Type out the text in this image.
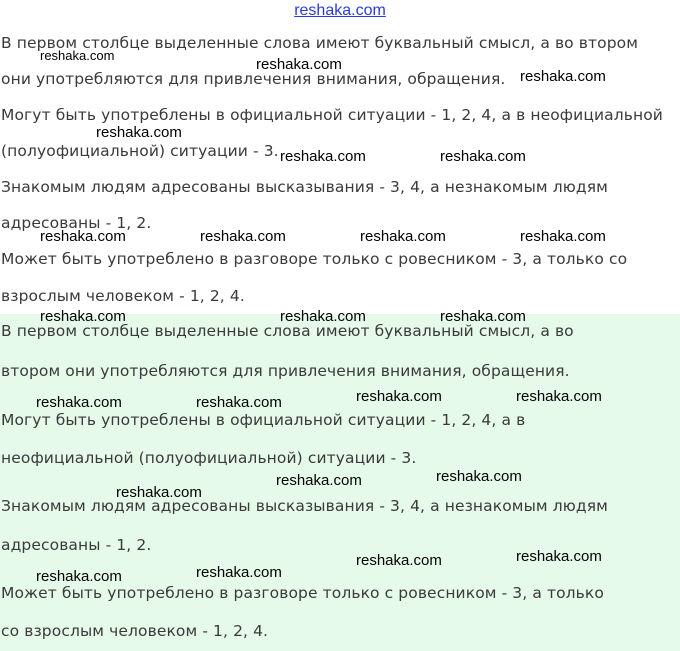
reshaka.com

В первом столбце выделенные слова имеют буквальный смысл, а во втором

они употребляются для привлечения внимания, обращения.

Могут быть употреблены в официальной ситуации - 1, 2, 4, а в неофициальной

(полуофициальной) ситуации - 3.

Знакомым людям адресованы высказывания - 3, 4, а незнакомым людям

адресованы - 1, 2.

Может быть употреблено в разговоре только с ровесником - 3, а только со

взрослым человеком - 1, 2, 4.

В первом столбце выделенные слова имеют буквальный смысл, а во

втором они употребляются для привлечения внимания, обращения.

Могут быть употреблены в официальной ситуации - 1, 2, 4, а в

неофициальной (полуофициальной) ситуации - 3.

Знакомым людям адресованы высказывания - 3, 4, а незнакомым людям

адресованы - 1, 2.

Может быть употреблено в разговоре только с ровесником - 3, а только

со взрослым человеком - 1, 2, 4.

reshaka.com
reshaka.com
reshaka.com
reshaka.com
reshaka.com	reshaka.com
reshaka.com	reshaka.com	reshaka.com	reshaka.com
reshaka.com	reshaka.com	reshaka.com
reshaka.com	reshaka.com	reshaka.com	reshaka.com
reshaka.com
reshaka.com	reshaka.com
reshaka.com	reshaka.com
reshaka.com	reshaka.com
